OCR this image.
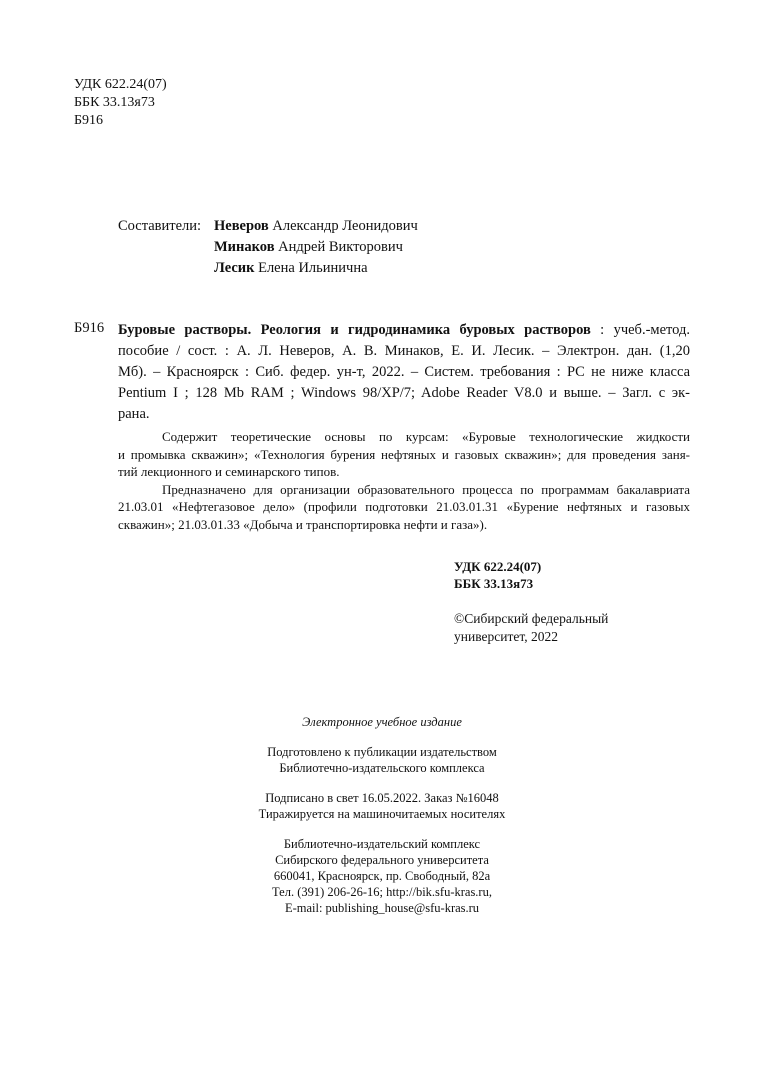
УДК 622.24(07)
ББК 33.13я73
Б916
Составители: Неверов Александр Леонидович
Минаков Андрей Викторович
Лесик Елена Ильинична
Б916 Буровые растворы. Реология и гидродинамика буровых растворов : учеб.-метод.
пособие / сост. : А. Л. Неверов, А. В. Минаков, Е. И. Лесик. – Электрон. дан. (1,20
Мб). – Красноярск : Сиб. федер. ун-т, 2022. – Систем. требования : PC не ниже класса
Pentium I ; 128 Mb RAM ; Windows 98/XP/7; Adobe Reader V8.0 и выше. – Загл. с эк-
рана.
Содержит теоретические основы по курсам: «Буровые технологические жидкости
и промывка скважин»; «Технология бурения нефтяных и газовых скважин»; для проведения заня-
тий лекционного и семинарского типов.
Предназначено для организации образовательного процесса по программам бакалавриата
21.03.01 «Нефтегазовое дело» (профили подготовки 21.03.01.31 «Бурение нефтяных и газовых
скважин»; 21.03.01.33 «Добыча и транспортировка нефти и газа»).
УДК 622.24(07)
ББК 33.13я73
©Сибирский федеральный
университет, 2022
Электронное учебное издание
Подготовлено к публикации издательством
Библиотечно-издательского комплекса
Подписано в свет 16.05.2022. Заказ №16048
Тиражируется на машиночитаемых носителях
Библиотечно-издательский комплекс
Сибирского федерального университета
660041, Красноярск, пр. Свободный, 82а
Тел. (391) 206-26-16; http://bik.sfu-kras.ru,
E-mail: publishing_house@sfu-kras.ru
